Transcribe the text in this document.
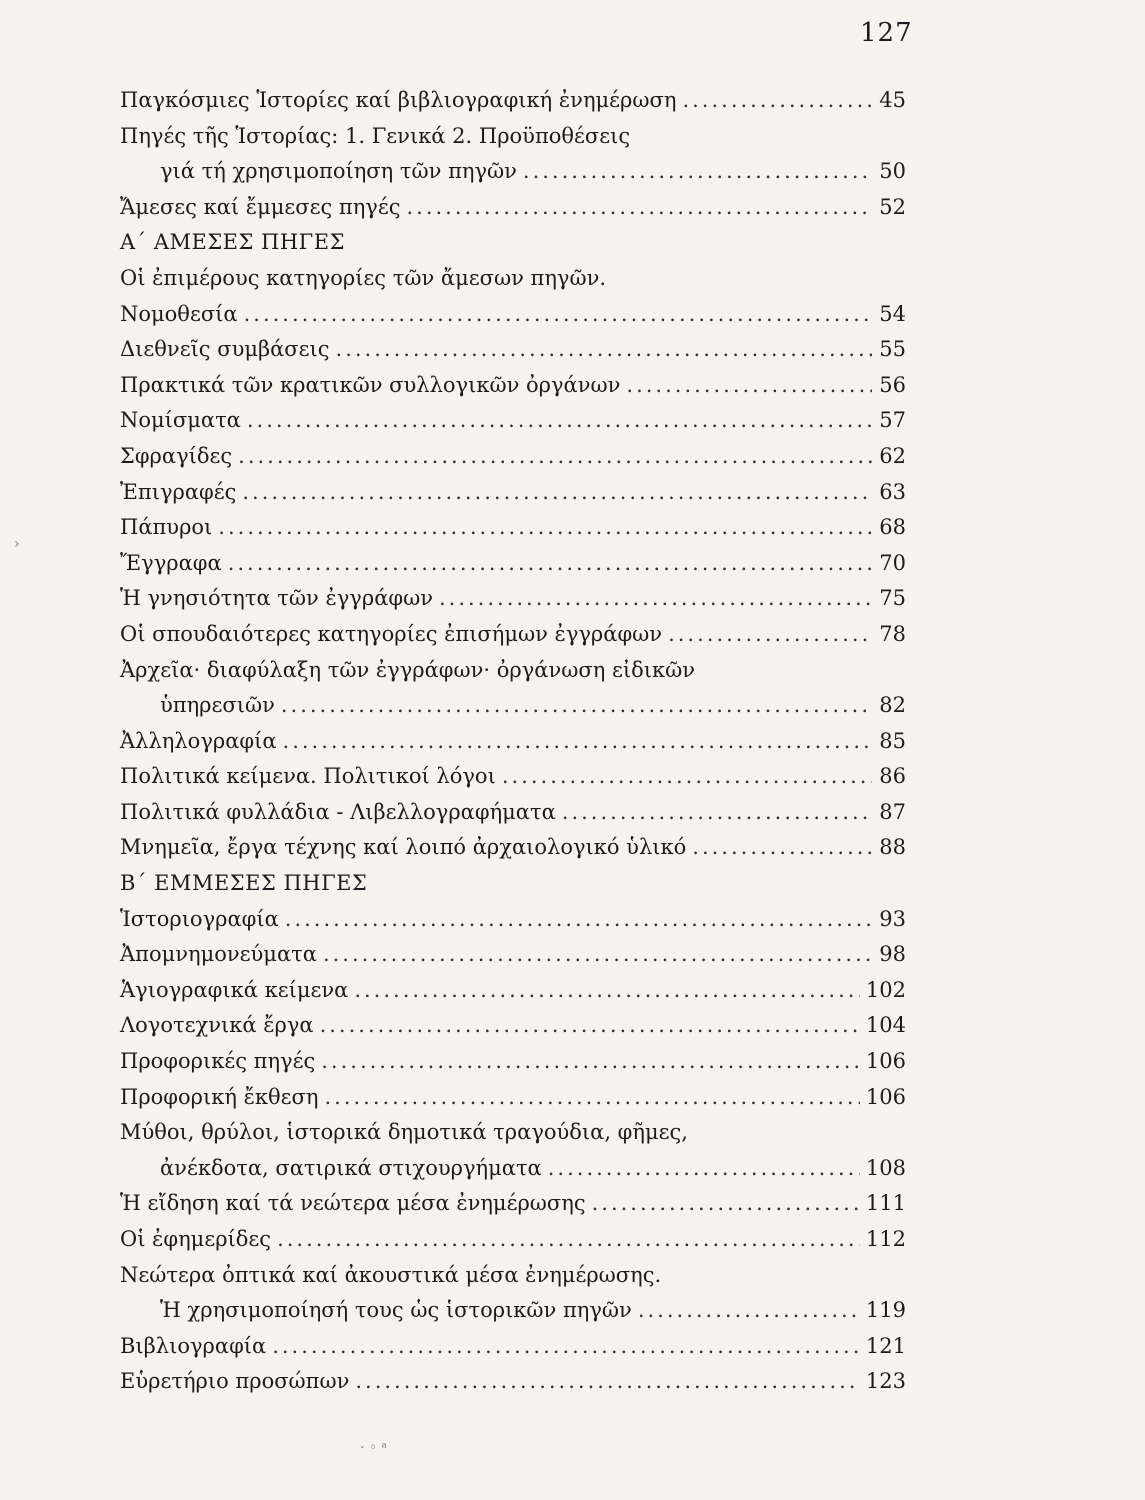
127
Παγκόσμιες Ἱστορίες καί βιβλιογραφική ἐνημέρωση .....	45
Πηγές τῆς Ἱστορίας: 1. Γενικά 2. Προϋποθέσεις
γιά τή χρησιμοποίηση τῶν πηγῶν .....	50
Ἄμεσες καί ἔμμεσες πηγές .....	52
Α΄ ΑΜΕΣΕΣ ΠΗΓΕΣ
Οἱ ἐπιμέρους κατηγορίες τῶν ἄμεσων πηγῶν.
Νομοθεσία .....	54
Διεθνεῖς συμβάσεις .....	55
Πρακτικά τῶν κρατικῶν συλλογικῶν ὀργάνων .....	56
Νομίσματα .....	57
Σφραγίδες .....	62
Ἐπιγραφές .....	63
Πάπυροι .....	68
Ἔγγραφα .....	70
Ἡ γνησιότητα τῶν ἐγγράφων .....	75
Οἱ σπουδαιότερες κατηγορίες ἐπισήμων ἐγγράφων .....	78
Ἀρχεῖα· διαφύλαξη τῶν ἐγγράφων· ὀργάνωση εἰδικῶν
ὑπηρεσιῶν .....	82
Ἀλληλογραφία .....	85
Πολιτικά κείμενα. Πολιτικοί λόγοι .....	86
Πολιτικά φυλλάδια - Λιβελλογραφήματα .....	87
Μνημεῖα, ἔργα τέχνης καί λοιπό ἀρχαιολογικό ὑλικό .....	88
Β΄ ΕΜΜΕΣΕΣ ΠΗΓΕΣ
Ἱστοριογραφία .....	93
Ἀπομνημονεύματα .....	98
Ἁγιογραφικά κείμενα .....	102
Λογοτεχνικά ἔργα .....	104
Προφορικές πηγές .....	106
Προφορική ἔκθεση .....	106
Μύθοι, θρύλοι, ἱστορικά δημοτικά τραγούδια, φῆμες,
ἀνέκδοτα, σατιρικά στιχουργήματα .....	108
Ἡ εἴδηση καί τά νεώτερα μέσα ἐνημέρωσης .....	111
Οἱ ἐφημερίδες .....	112
Νεώτερα ὀπτικά καί ἀκουστικά μέσα ἐνημέρωσης.
Ἡ χρησιμοποίησή τους ὡς ἱστορικῶν πηγῶν .....	119
Βιβλιογραφία .....	121
Εὑρετήριο προσώπων .....	123
›
· ◦ ᵃ
